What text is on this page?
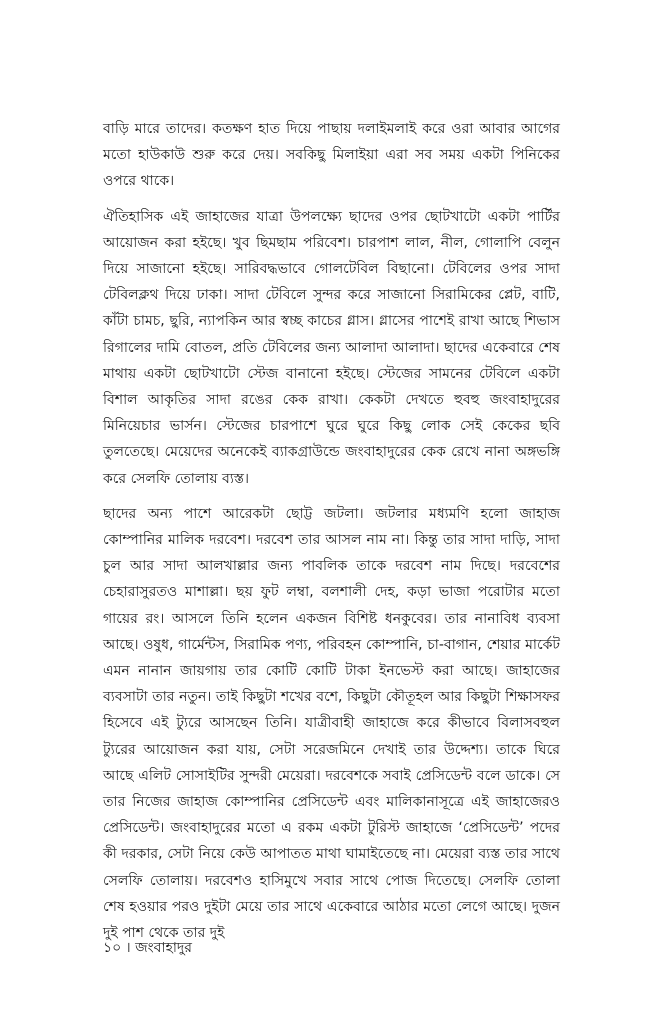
বাড়ি মারে তাদের। কতক্ষণ হাত দিয়ে পাছায় দলাইমলাই করে ওরা আবার আগের মতো হাউকাউ শুরু করে দেয়। সবকিছু মিলাইয়া এরা সব সময় একটা পিনিকের ওপরে থাকে।

ঐতিহাসিক এই জাহাজের যাত্রা উপলক্ষ্যে ছাদের ওপর ছোটখাটো একটা পার্টির আয়োজন করা হইছে। খুব ছিমছাম পরিবেশ। চারপাশ লাল, নীল, গোলাপি বেলুন দিয়ে সাজানো হইছে। সারিবদ্ধভাবে গোলটেবিল বিছানো। টেবিলের ওপর সাদা টেবিলক্লথ দিয়ে ঢাকা। সাদা টেবিলে সুন্দর করে সাজানো সিরামিকের প্লেট, বাটি, কাঁটা চামচ, ছুরি, ন্যাপকিন আর স্বচ্ছ কাচের গ্লাস। গ্লাসের পাশেই রাখা আছে শিভাস রিগালের দামি বোতল, প্রতি টেবিলের জন্য আলাদা আলাদা। ছাদের একেবারে শেষ মাথায় একটা ছোটখাটো স্টেজ বানানো হইছে। স্টেজের সামনের টেবিলে একটা বিশাল আকৃতির সাদা রঙের কেক রাখা। কেকটা দেখতে হুবহু জংবাহাদুরের মিনিয়েচার ভার্সন। স্টেজের চারপাশে ঘুরে ঘুরে কিছু লোক সেই কেকের ছবি তুলতেছে। মেয়েদের অনেকেই ব্যাকগ্রাউন্ডে জংবাহাদুরের কেক রেখে নানা অঙ্গভঙ্গি করে সেলফি তোলায় ব্যস্ত।

ছাদের অন্য পাশে আরেকটা ছোট্ট জটলা। জটলার মধ্যমণি হলো জাহাজ কোম্পানির মালিক দরবেশ। দরবেশ তার আসল নাম না। কিন্তু তার সাদা দাড়ি, সাদা চুল আর সাদা আলখাল্লার জন্য পাবলিক তাকে দরবেশ নাম দিছে। দরবেশের চেহারাসুরতও মাশাল্লা। ছয় ফুট লম্বা, বলশালী দেহ, কড়া ভাজা পরোটার মতো গায়ের রং। আসলে তিনি হলেন একজন বিশিষ্ট ধনকুবের। তার নানাবিধ ব্যবসা আছে। ওষুধ, গার্মেন্টস, সিরামিক পণ্য, পরিবহন কোম্পানি, চা-বাগান, শেয়ার মার্কেট এমন নানান জায়গায় তার কোটি কোটি টাকা ইনভেস্ট করা আছে। জাহাজের ব্যবসাটা তার নতুন। তাই কিছুটা শখের বশে, কিছুটা কৌতূহল আর কিছুটা শিক্ষাসফর হিসেবে এই ট্যুরে আসছেন তিনি। যাত্রীবাহী জাহাজে করে কীভাবে বিলাসবহুল ট্যুরের আয়োজন করা যায়, সেটা সরেজমিনে দেখাই তার উদ্দেশ্য। তাকে ঘিরে আছে এলিট সোসাইটির সুন্দরী মেয়েরা। দরবেশকে সবাই প্রেসিডেন্ট বলে ডাকে। সে তার নিজের জাহাজ কোম্পানির প্রেসিডেন্ট এবং মালিকানাসূত্রে এই জাহাজেরও প্রেসিডেন্ট। জংবাহাদুরের মতো এ রকম একটা টুরিস্ট জাহাজে ‘প্রেসিডেন্ট’ পদের কী দরকার, সেটা নিয়ে কেউ আপাতত মাথা ঘামাইতেছে না। মেয়েরা ব্যস্ত তার সাথে সেলফি তোলায়। দরবেশও হাসিমুখে সবার সাথে পোজ দিতেছে। সেলফি তোলা শেষ হওয়ার পরও দুইটা মেয়ে তার সাথে একেবারে আঠার মতো লেগে আছে। দুজন দুই পাশ থেকে তার দুই

১০ । জংবাহাদুর
